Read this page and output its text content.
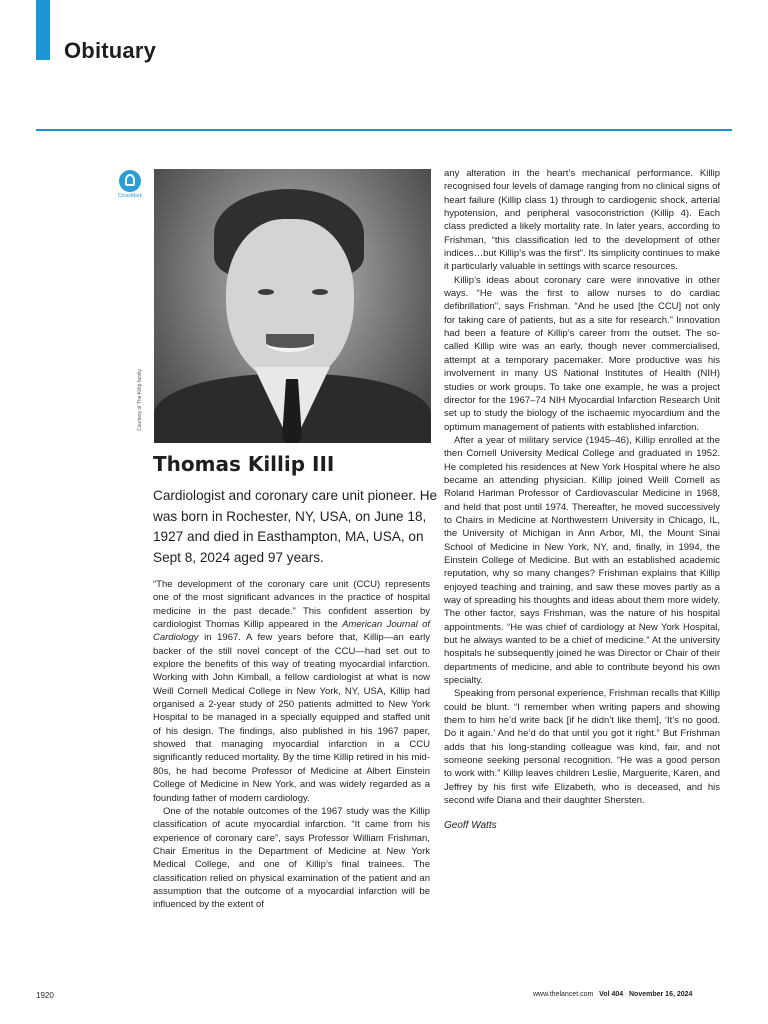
Obituary
CrossMark
Courtesy of The Killip family
Thomas Killip III

Cardiologist and coronary care unit pioneer. He was born in Rochester, NY, USA, on June 18, 1927 and died in Easthampton, MA, USA, on Sept 8, 2024 aged 97 years.

“The development of the coronary care unit (CCU) represents one of the most significant advances in the practice of hospital medicine in the past decade.” This confident assertion by cardiologist Thomas Killip appeared in the American Journal of Cardiology in 1967. A few years before that, Killip—an early backer of the still novel concept of the CCU—had set out to explore the benefits of this way of treating myocardial infarction. Working with John Kimball, a fellow cardiologist at what is now Weill Cornell Medical College in New York, NY, USA, Killip had organised a 2-year study of 250 patients admitted to New York Hospital to be managed in a specially equipped and staffed unit of his design. The findings, also published in his 1967 paper, showed that managing myocardial infarction in a CCU significantly reduced mortality. By the time Killip retired in his mid-80s, he had become Professor of Medicine at Albert Einstein College of Medicine in New York, and was widely regarded as a founding father of modern cardiology.

One of the notable outcomes of the 1967 study was the Killip classification of acute myocardial infarction. “It came from his experience of coronary care”, says Professor William Frishman, Chair Emeritus in the Department of Medicine at New York Medical College, and one of Killip’s final trainees. The classification relied on physical examination of the patient and an assumption that the outcome of a myocardial infarction will be influenced by the extent of

any alteration in the heart’s mechanical performance. Killip recognised four levels of damage ranging from no clinical signs of heart failure (Killip class 1) through to cardiogenic shock, arterial hypotension, and peripheral vasoconstriction (Killip 4). Each class predicted a likely mortality rate. In later years, according to Frishman, “this classification led to the development of other indices…but Killip’s was the first”. Its simplicity continues to make it particularly valuable in settings with scarce resources.

Killip’s ideas about coronary care were innovative in other ways. “He was the first to allow nurses to do cardiac defibrillation”, says Frishman. “And he used [the CCU] not only for taking care of patients, but as a site for research.” Innovation had been a feature of Killip’s career from the outset. The so-called Killip wire was an early, though never commercialised, attempt at a temporary pacemaker. More productive was his involvement in many US National Institutes of Health (NIH) studies or work groups. To take one example, he was a project director for the 1967–74 NIH Myocardial Infarction Research Unit set up to study the biology of the ischaemic myocardium and the optimum management of patients with established infarction.

After a year of military service (1945–46), Killip enrolled at the then Cornell University Medical College and graduated in 1952. He completed his residences at New York Hospital where he also became an attending physician. Killip joined Weill Cornell as Roland Hariman Professor of Cardiovascular Medicine in 1968, and held that post until 1974. Thereafter, he moved successively to Chairs in Medicine at Northwestern University in Chicago, IL, the University of Michigan in Ann Arbor, MI, the Mount Sinai School of Medicine in New York, NY, and, finally, in 1994, the Einstein College of Medicine. But with an established academic reputation, why so many changes? Frishman explains that Killip enjoyed teaching and training, and saw these moves partly as a way of spreading his thoughts and ideas about them more widely. The other factor, says Frishman, was the nature of his hospital appointments. “He was chief of cardiology at New York Hospital, but he always wanted to be a chief of medicine.” At the university hospitals he subsequently joined he was Director or Chair of their departments of medicine, and able to contribute beyond his own specialty.

Speaking from personal experience, Frishman recalls that Killip could be blunt. “I remember when writing papers and showing them to him he’d write back [if he didn’t like them], ‘It’s no good. Do it again.’ And he’d do that until you got it right.” But Frishman adds that his long-standing colleague was kind, fair, and not someone seeking personal recognition. “He was a good person to work with.” Killip leaves children Leslie, Marguerite, Karen, and Jeffrey by his first wife Elizabeth, who is deceased, and his second wife Diana and their daughter Shersten.

Geoff Watts

1920	www.thelancet.com Vol 404 November 16, 2024
